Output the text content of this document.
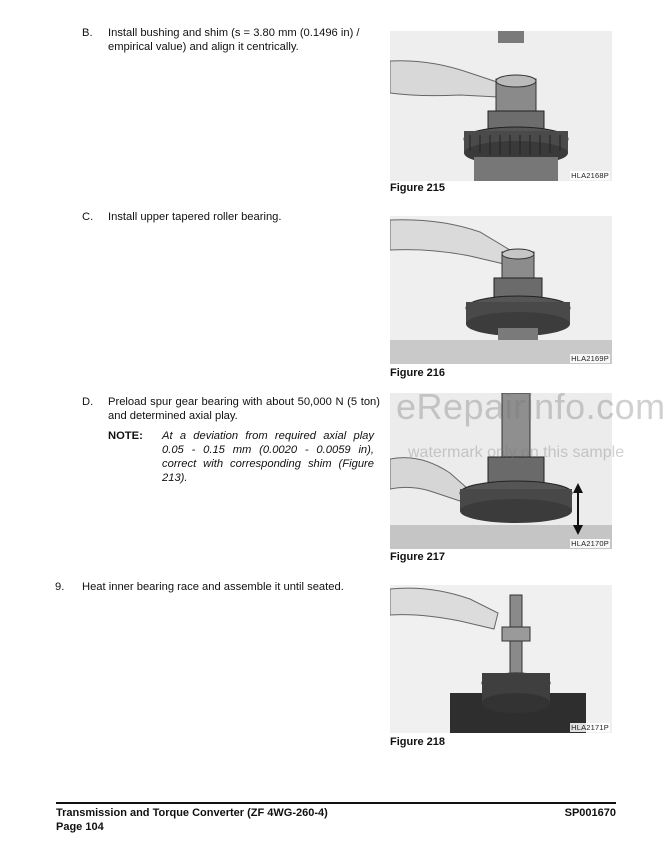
B. Install bushing and shim (s = 3.80 mm (0.1496 in) / empirical value) and align it centrically.
C. Install upper tapered roller bearing.
D. Preload spur gear bearing with about 50,000 N (5 ton) and determined axial play.
NOTE: At a deviation from required axial play 0.05 - 0.15 mm (0.0020 - 0.0059 in), correct with corresponding shim (Figure 213).
9. Heat inner bearing race and assemble it until seated.
HLA2168P
Figure 215
HLA2169P
Figure 216
HLA2170P
Figure 217
HLA2171P
Figure 218
eRepairinfo.com
watermark only on this sample
Transmission and Torque Converter (ZF 4WG-260-4)
Page 104
SP001670
